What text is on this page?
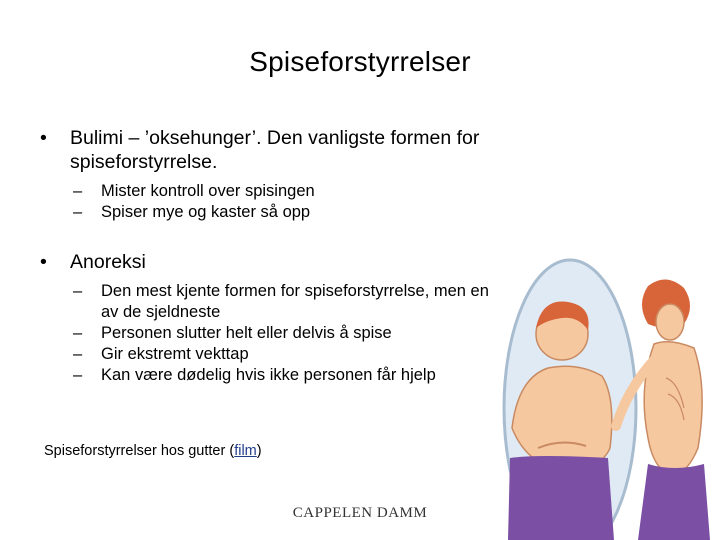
Spiseforstyrrelser
• Bulimi – ’oksehunger’. Den vanligste formen for spiseforstyrrelse.
– Mister kontroll over spisingen
– Spiser mye og kaster så opp
• Anoreksi
– Den mest kjente formen for spiseforstyrrelse, men en av de sjeldneste
– Personen slutter helt eller delvis å spise
– Gir ekstremt vekttap
– Kan være dødelig hvis ikke personen får hjelp
Spiseforstyrrelser hos gutter (film)
CAPPELEN DAMM
